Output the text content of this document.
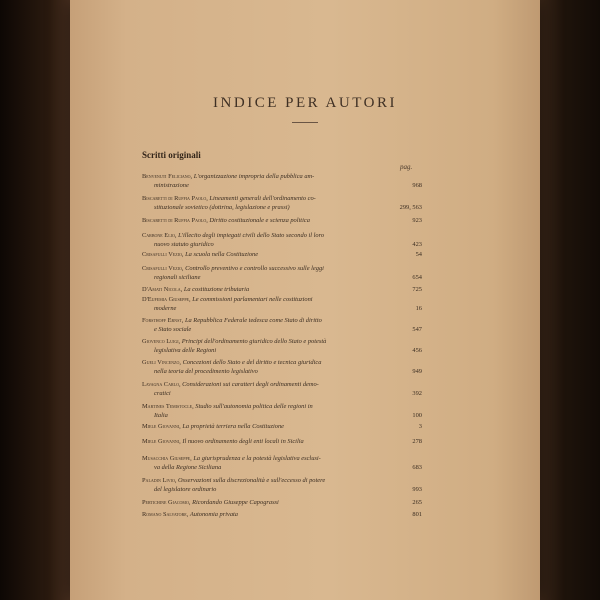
INDICE PER AUTORI
Scritti originali
pag.
Benvenuti Feliciano, L'organizzazione impropria della pubblica am-
ministrazione	968
Biscaretti di Ruffia Paolo, Lineamenti generali dell'ordinamento co-
stituzionale sovietico (dottrina, legislazione e prassi)	299, 563
Biscaretti di Ruffia Paolo, Diritto costituzionale e scienza politica	923
Carbone Elio, L'illecito degli impiegati civili dello Stato secondo il loro
nuovo statuto giuridico	423
Crisafulli Vezio, La scuola nella Costituzione	54
Crisafulli Vezio, Controllo preventivo e controllo successivo sulle leggi
regionali siciliane	654
D'Amati Nicola, La costituzione tributaria	725
D'Eufemia Giuseppe, Le commissioni parlamentari nelle costituzioni
moderne	16
Forsthoff Ernst, La Repubblica Federale tedesca come Stato di diritto
e Stato sociale	547
Giovenco Luigi, Principi dell'ordinamento giuridico dello Stato e potestà
legislativa delle Regioni	456
Gueli Vincenzo, Concezioni dello Stato e del diritto e tecnica giuridica
nella teoria del procedimento legislativo	949
Lavagna Carlo, Considerazioni sui caratteri degli ordinamenti demo-
cratici	392
Martines Temistocle, Studio sull'autonomia politica delle regioni in
Italia	100
Miele Giovanni, La proprietà terriera nella Costituzione	3
Miele Giovanni, Il nuovo ordinamento degli enti locali in Sicilia	278
Musacchia Giuseppe, La giurisprudenza e la potestà legislativa esclusi-
va della Regione Siciliana	683
Paladin Livio, Osservazioni sulla discrezionalità e sull'eccesso di potere
del legislatore ordinario	993
Pertichine Giacomo, Ricordando Giuseppe Capograssi	265
Romano Salvatore, Autonomia privata	801
